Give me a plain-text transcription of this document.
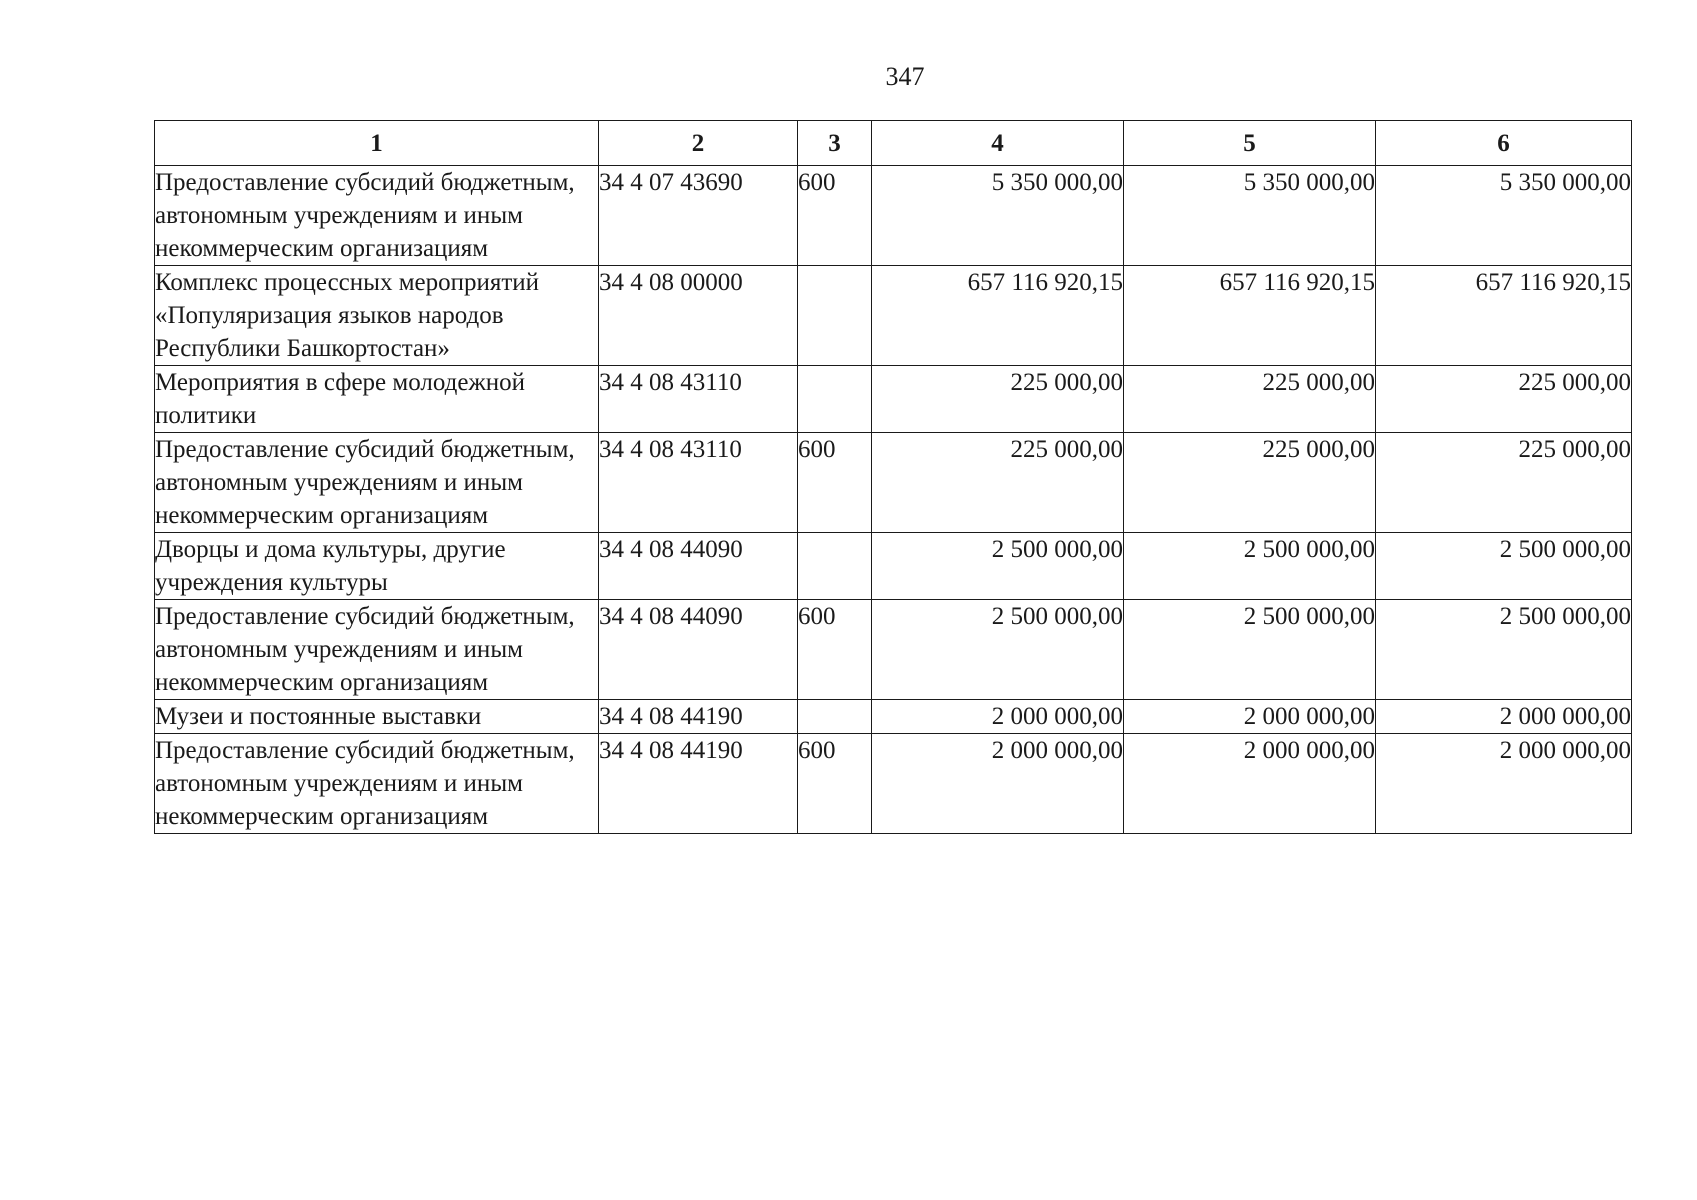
347
1	2	3	4	5	6
Предоставление субсидий бюджетным, автономным учреждениям и иным некоммерческим организациям	34 4 07 43690	600	5 350 000,00	5 350 000,00	5 350 000,00
Комплекс процессных мероприятий «Популяризация языков народов Республики Башкортостан»	34 4 08 00000		657 116 920,15	657 116 920,15	657 116 920,15
Мероприятия в сфере молодежной политики	34 4 08 43110		225 000,00	225 000,00	225 000,00
Предоставление субсидий бюджетным, автономным учреждениям и иным некоммерческим организациям	34 4 08 43110	600	225 000,00	225 000,00	225 000,00
Дворцы и дома культуры, другие учреждения культуры	34 4 08 44090		2 500 000,00	2 500 000,00	2 500 000,00
Предоставление субсидий бюджетным, автономным учреждениям и иным некоммерческим организациям	34 4 08 44090	600	2 500 000,00	2 500 000,00	2 500 000,00
Музеи и постоянные выставки	34 4 08 44190		2 000 000,00	2 000 000,00	2 000 000,00
Предоставление субсидий бюджетным, автономным учреждениям и иным некоммерческим организациям	34 4 08 44190	600	2 000 000,00	2 000 000,00	2 000 000,00
